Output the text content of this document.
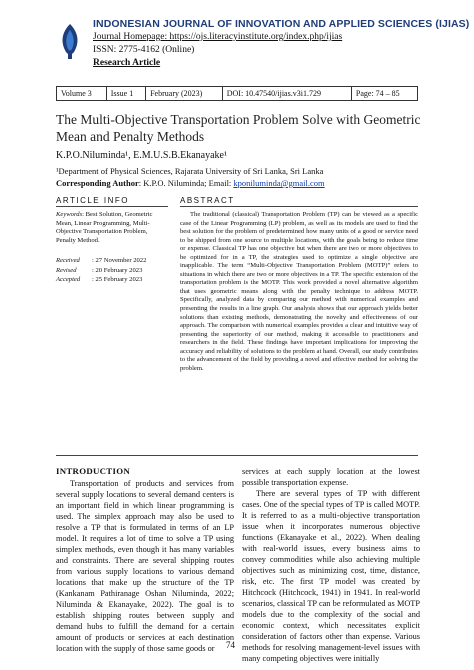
INDONESIAN JOURNAL OF INNOVATION AND APPLIED SCIENCES (IJIAS)
Journal Homepage: https://ojs.literacyinstitute.org/index.php/ijias
ISSN: 2775-4162 (Online)
Research Article
Volume 3	Issue 1	February (2023)	DOI: 10.47540/ijias.v3i1.729	Page: 74 – 85
The Multi-Objective Transportation Problem Solve with Geometric Mean and Penalty Methods
K.P.O.Niluminda¹, E.M.U.S.B.Ekanayake¹
¹Department of Physical Sciences, Rajarata University of Sri Lanka, Sri Lanka
Corresponding Author: K.P.O. Niluminda; Email: kponiluminda@gmail.com
ARTICLE INFO	ABSTRACT
Keywords: Best Solution, Geometric Mean, Linear Programming, Multi-Objective Transportation Problem, Penalty Method.
Received : 27 November 2022
Revised : 20 February 2023
Accepted : 25 February 2023
The traditional (classical) Transportation Problem (TP) can be viewed as a specific case of the Linear Programming (LP) problem, as well as its models are used to find the best solution for the problem of predetermined how many units of a good or service need to be shipped from one source to multiple locations, with the goals being to reduce time or expense. Classical TP has one objective but when there are two or more objectives to be optimized for in a TP, the strategies used to optimize a single objective are inapplicable. The term “Multi-Objective Transportation Problem (MOTP)” refers to situations in which there are two or more objectives in a TP. The specific extension of the transportation problem is the MOTP. This work provided a novel alternative algorithm that uses geometric means along with the penalty technique to address MOTP. Specifically, analyzed data by comparing our method with numerical examples and presenting the results in a line graph. Our analysis shows that our approach yields better solutions than existing methods, demonstrating the novelty and effectiveness of our approach. The comparison with numerical examples provides a clear and intuitive way of presenting the superiority of our method, making it accessible to practitioners and researchers in the field. These findings have important implications for improving the accuracy and reliability of solutions to the problem at hand. Overall, our study contributes to the advancement of the field by providing a novel and effective method for solving the problem.
INTRODUCTION

Transportation of products and services from several supply locations to several demand centers is an important field in which linear programming is used. The simplex approach may also be used to resolve a TP that is formulated in terms of an LP model. It requires a lot of time to solve a TP using simplex methods, even though it has many variables and constraints. There are several shipping routes from various supply locations to various demand locations that make up the structure of the TP (Kankanam Pathiranage Oshan Niluminda, 2022; Niluminda & Ekanayake, 2022). The goal is to establish shipping routes between supply and demand hubs to fulfill the demand for a certain amount of products or services at each destination location with the supply of those same goods or

services at each supply location at the lowest possible transportation expense.

There are several types of TP with different cases. One of the special types of TP is called MOTP. It is referred to as a multi-objective transportation issue when it incorporates numerous objective functions (Ekanayake et al., 2022). When dealing with real-world issues, every business aims to convey commodities while also achieving multiple objectives such as minimizing cost, time, distance, risk, etc. The first TP model was created by Hitchcock (Hitchcock, 1941) in 1941. In real-world scenarios, classical TP can be reformulated as MOTP models due to the complexity of the social and economic context, which necessitates explicit consideration of factors other than expense. Various methods for resolving management-level issues with many competing objectives were initially

74
